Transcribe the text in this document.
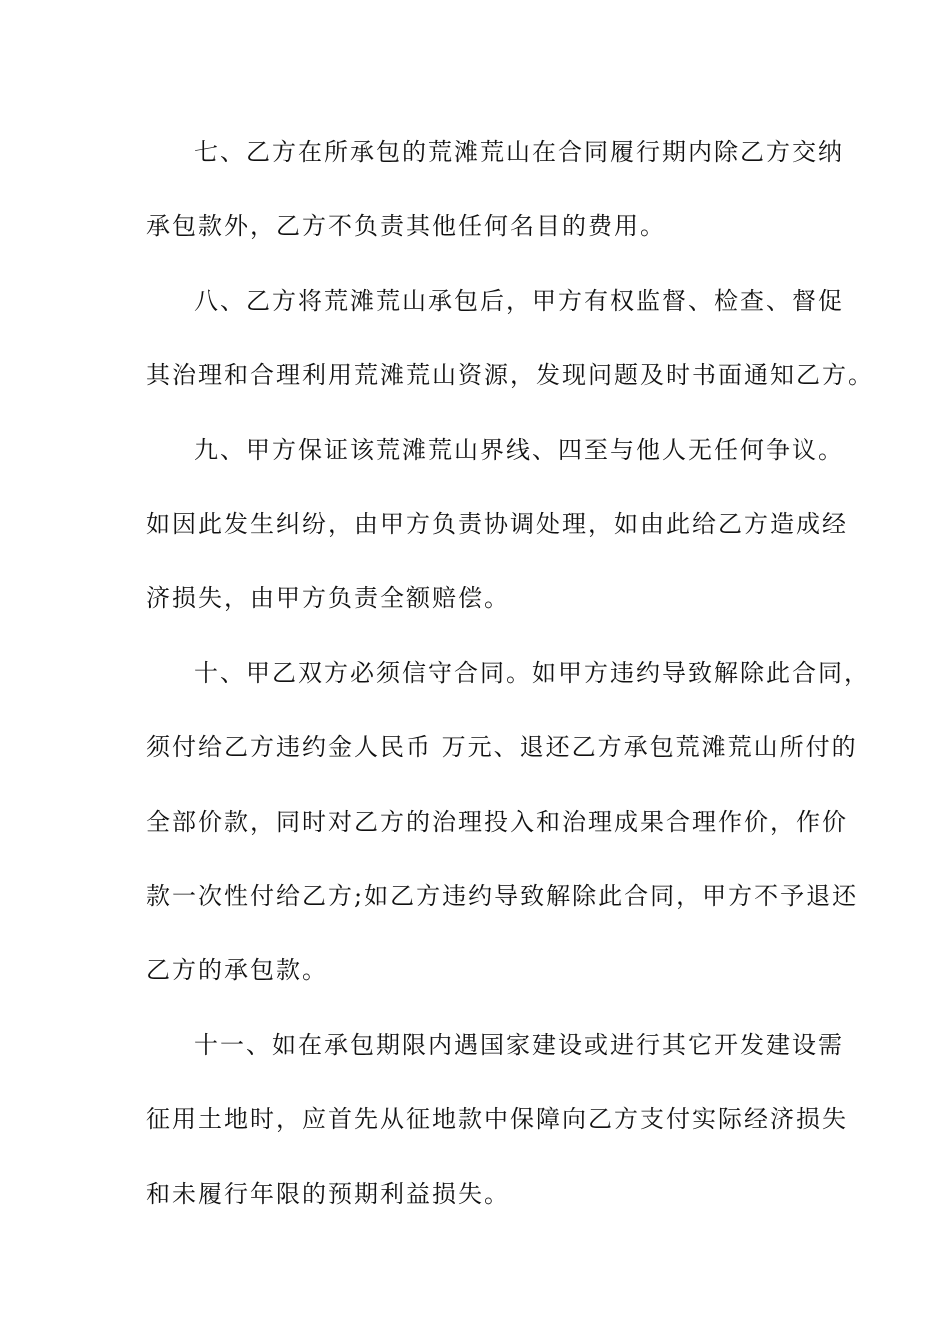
七、乙方在所承包的荒滩荒山在合同履行期内除乙方交纳
承包款外，乙方不负责其他任何名目的费用。
八、乙方将荒滩荒山承包后，甲方有权监督、检查、督促
其治理和合理利用荒滩荒山资源，发现问题及时书面通知乙方。
九、甲方保证该荒滩荒山界线、四至与他人无任何争议。
如因此发生纠纷，由甲方负责协调处理，如由此给乙方造成经
济损失，由甲方负责全额赔偿。
十、甲乙双方必须信守合同。如甲方违约导致解除此合同，
须付给乙方违约金人民币 万元、退还乙方承包荒滩荒山所付的
全部价款，同时对乙方的治理投入和治理成果合理作价，作价
款一次性付给乙方;如乙方违约导致解除此合同，甲方不予退还
乙方的承包款。
十一、如在承包期限内遇国家建设或进行其它开发建设需
征用土地时，应首先从征地款中保障向乙方支付实际经济损失
和未履行年限的预期利益损失。
